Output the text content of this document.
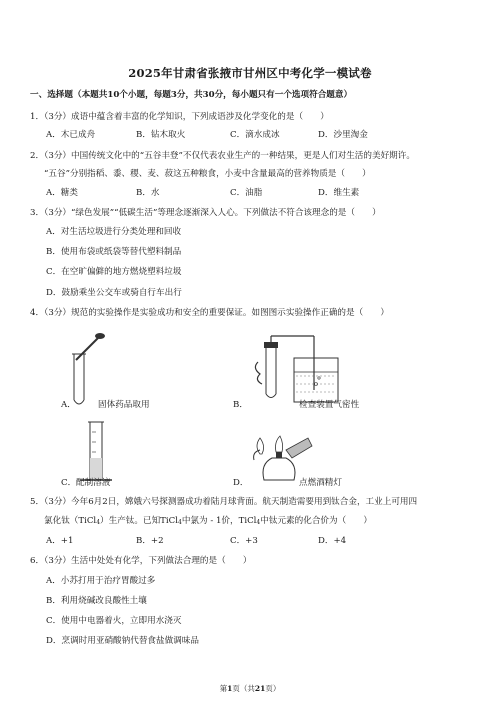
2025年甘肃省张掖市甘州区中考化学一模试卷
一、选择题（本题共10个小题，每题3分，共30分，每小题只有一个选项符合题意）
1．（3分）成语中蕴含着丰富的化学知识，下列成语涉及化学变化的是（　　）
A．木已成舟	B．钻木取火	C．滴水成冰	D．沙里淘金
2．（3分）中国传统文化中的“五谷丰登”不仅代表农业生产的一种结果，更是人们对生活的美好期许。
“五谷”分别指稻、黍、稷、麦、菽这五种粮食，小麦中含量最高的营养物质是（　　）
A．糖类	B．水	C．油脂	D．维生素
3．（3分）“绿色发展”“低碳生活”等理念逐渐深入人心。下列做法不符合该理念的是（　　）
A．对生活垃圾进行分类处理和回收
B．使用布袋或纸袋等替代塑料制品
C．在空旷偏僻的地方燃烧塑料垃圾
D．鼓励乘坐公交车或骑自行车出行
4．（3分）规范的实验操作是实验成功和安全的重要保证。如图图示实验操作正确的是（　　）
A．	固体药品取用	B．	检查装置气密性
C． 配制溶液	D．	点燃酒精灯
5．（3分）今年6月2日，嫦娥六号探测器成功着陆月球背面。航天制造需要用到钛合金，工业上可用四
氯化钛（TiCl4）生产钛。已知TiCl4中氯为 - 1价，TiCl4中钛元素的化合价为（　　）
A．+1	B．+2	C．+3	D．+4
6．（3分）生活中处处有化学，下列做法合理的是（　　）
A．小苏打用于治疗胃酸过多
B．利用烧碱改良酸性土壤
C．使用中电器着火，立即用水浇灭
D．烹调时用亚硝酸钠代替食盐做调味品
第1页（共21页）
